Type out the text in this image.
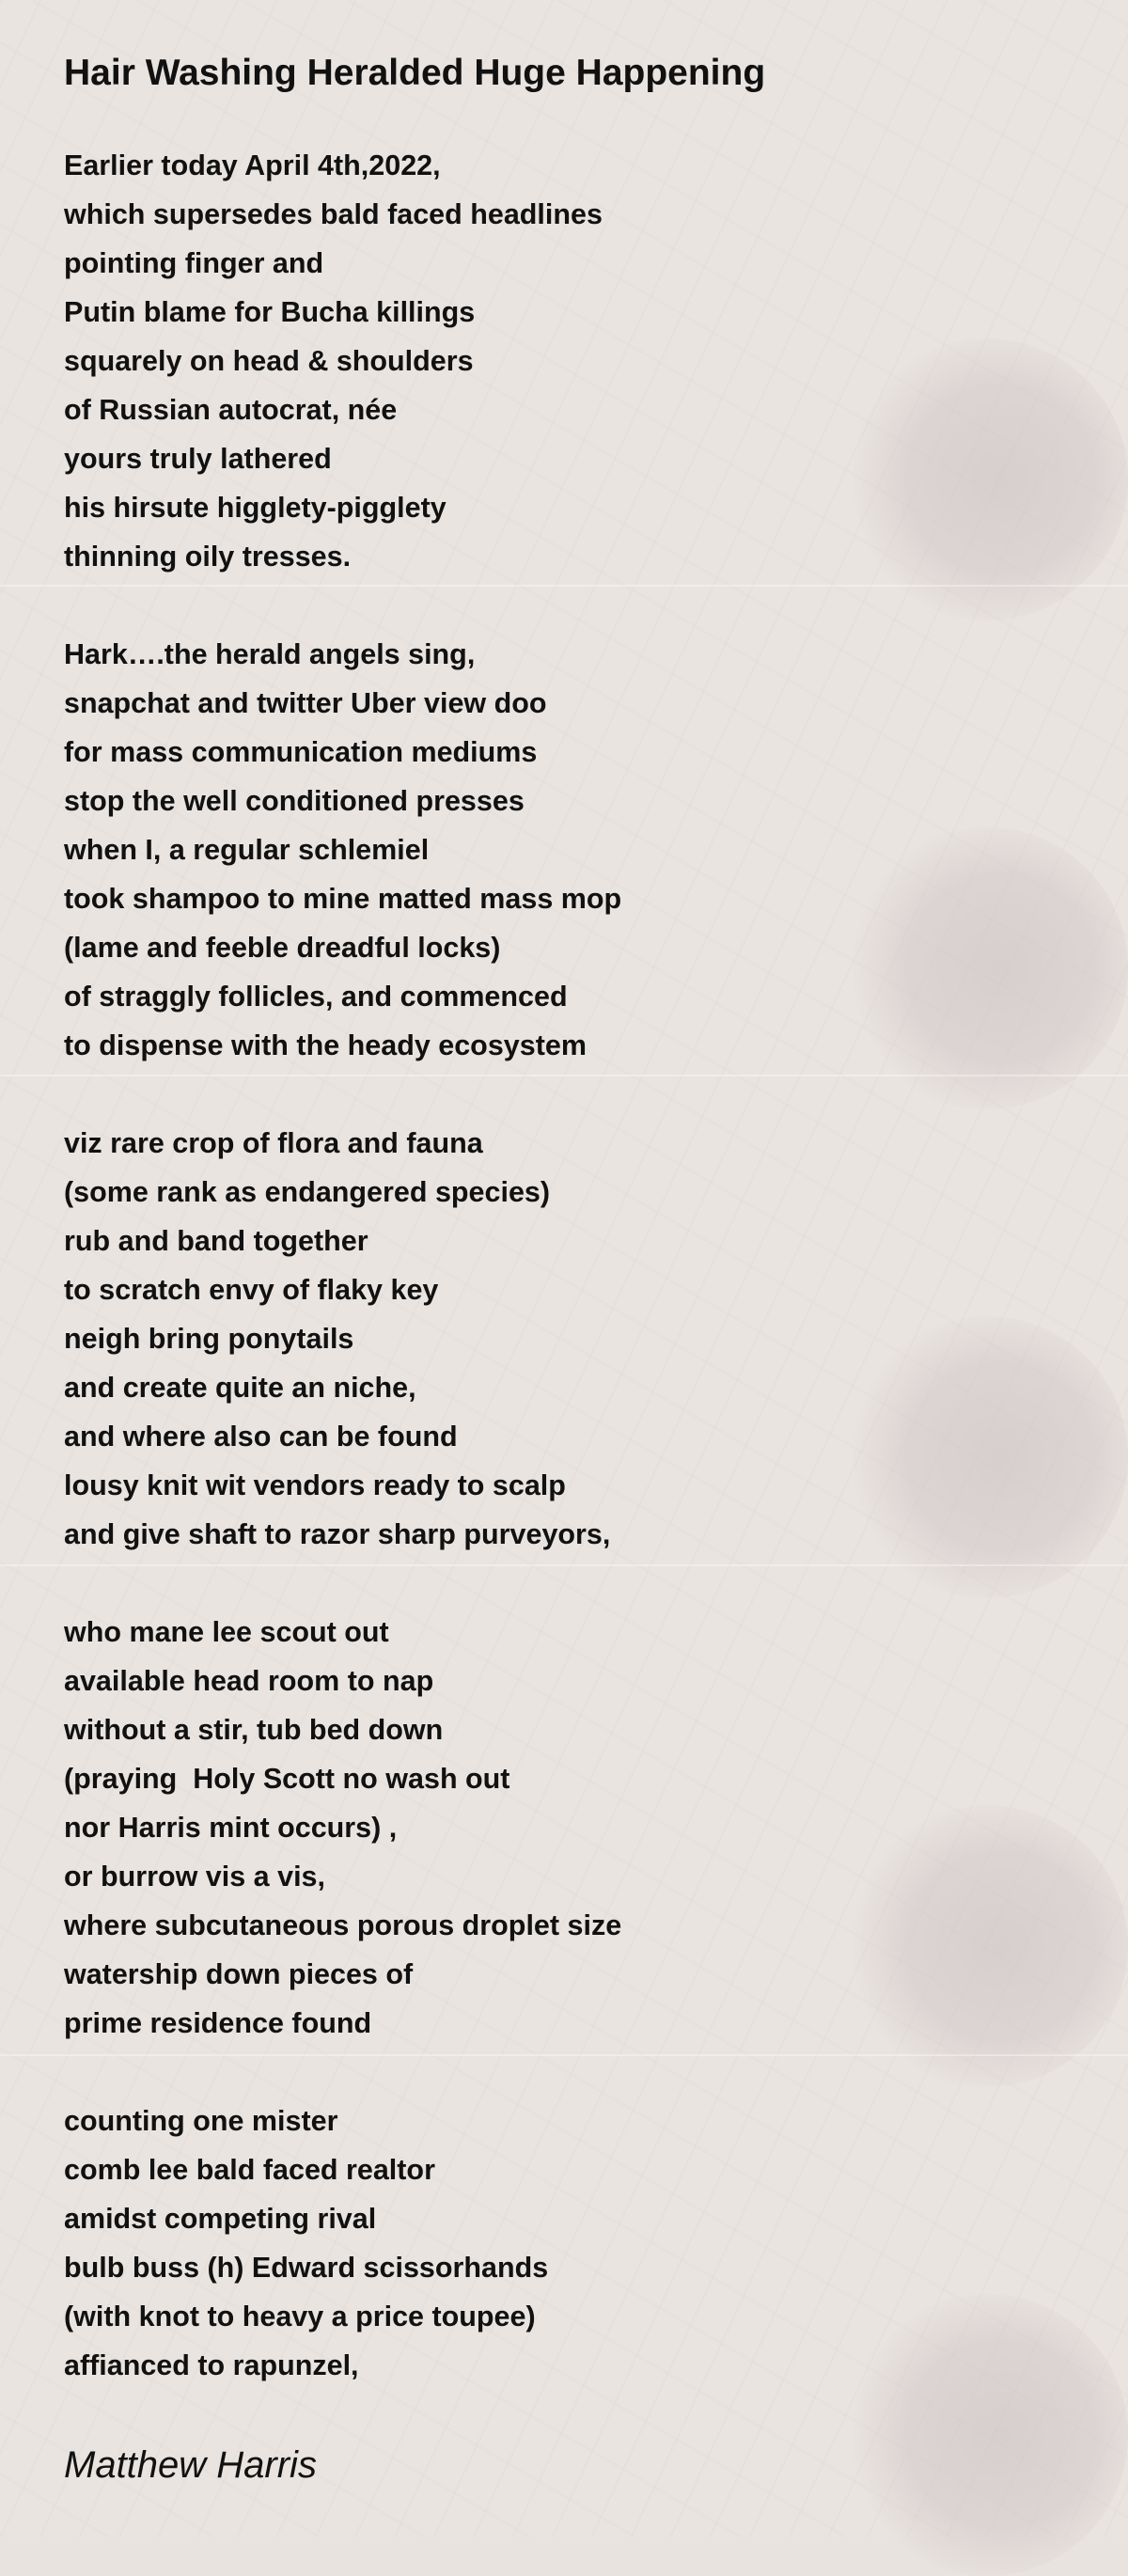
Hair Washing Heralded Huge Happening
Earlier today April 4th,2022,
which supersedes bald faced headlines
pointing finger and
Putin blame for Bucha killings
squarely on head & shoulders
of Russian autocrat, née
yours truly lathered
his hirsute higglety-pigglety
thinning oily tresses.
Hark….the herald angels sing,
snapchat and twitter Uber view doo
for mass communication mediums
stop the well conditioned presses
when I, a regular schlemiel
took shampoo to mine matted mass mop
(lame and feeble dreadful locks)
of straggly follicles, and commenced
to dispense with the heady ecosystem
viz rare crop of flora and fauna
(some rank as endangered species)
rub and band together
to scratch envy of flaky key
neigh bring ponytails
and create quite an niche,
and where also can be found
lousy knit wit vendors ready to scalp
and give shaft to razor sharp purveyors,
who mane lee scout out
available head room to nap
without a stir, tub bed down
(praying  Holy Scott no wash out
nor Harris mint occurs) ,
or burrow vis a vis,
where subcutaneous porous droplet size
watership down pieces of
prime residence found
counting one mister
comb lee bald faced realtor
amidst competing rival
bulb buss (h) Edward scissorhands
(with knot to heavy a price toupee)
affianced to rapunzel,

Matthew Harris
